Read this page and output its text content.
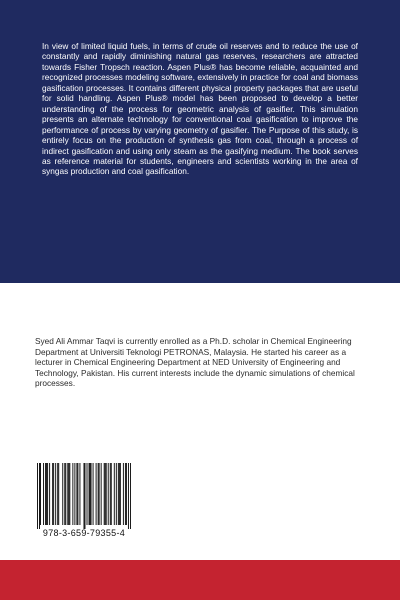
In view of limited liquid fuels, in terms of crude oil reserves and to reduce the use of constantly and rapidly diminishing natural gas reserves, researchers are attracted towards Fisher Tropsch reaction. Aspen Plus® has become reliable, acquainted and recognized processes modeling software, extensively in practice for coal and biomass gasification processes. It contains different physical property packages that are useful for solid handling. Aspen Plus® model has been proposed to develop a better understanding of the process for geometric analysis of gasifier. This simulation presents an alternate technology for conventional coal gasification to improve the performance of process by varying geometry of gasifier. The Purpose of this study, is entirely focus on the production of synthesis gas from coal, through a process of indirect gasification and using only steam as the gasifying medium. The book serves as reference material for students, engineers and scientists working in the area of syngas production and coal gasification.

Syed Ali Ammar Taqvi is currently enrolled as a Ph.D. scholar in Chemical Engineering Department at Universiti Teknologi PETRONAS, Malaysia. He started his career as a lecturer in Chemical Engineering Department at NED University of Engineering and Technology, Pakistan. His current interests include the dynamic simulations of chemical processes.

978-3-659-79355-4
